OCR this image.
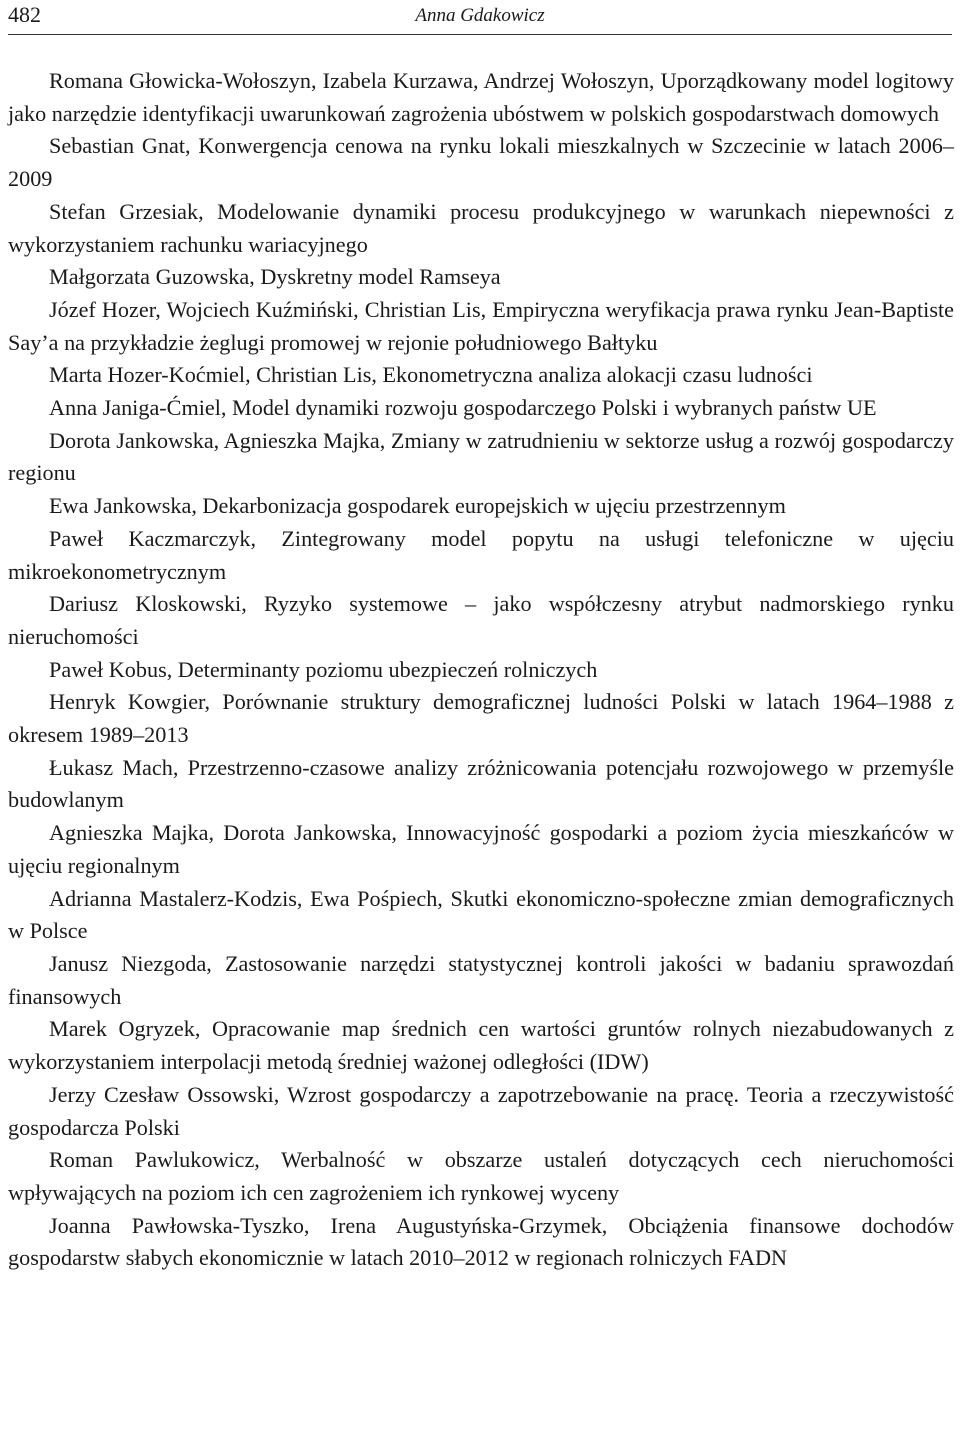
482	Anna Gdakowicz
Romana Głowicka-Wołoszyn, Izabela Kurzawa, Andrzej Wołoszyn, Uporządkowany model logitowy jako narzędzie identyfikacji uwarunkowań zagrożenia ubóstwem w polskich gospodarstwach domowych
Sebastian Gnat, Konwergencja cenowa na rynku lokali mieszkalnych w Szczecinie w latach 2006–2009
Stefan Grzesiak, Modelowanie dynamiki procesu produkcyjnego w warunkach niepewności z wykorzystaniem rachunku wariacyjnego
Małgorzata Guzowska, Dyskretny model Ramseya
Józef Hozer, Wojciech Kuźmiński, Christian Lis, Empiryczna weryfikacja prawa rynku Jean-Baptiste Say’a na przykładzie żeglugi promowej w rejonie południowego Bałtyku
Marta Hozer-Koćmiel, Christian Lis, Ekonometryczna analiza alokacji czasu ludności
Anna Janiga-Ćmiel, Model dynamiki rozwoju gospodarczego Polski i wybranych państw UE
Dorota Jankowska, Agnieszka Majka, Zmiany w zatrudnieniu w sektorze usług a rozwój gospodarczy regionu
Ewa Jankowska, Dekarbonizacja gospodarek europejskich w ujęciu przestrzennym
Paweł Kaczmarczyk, Zintegrowany model popytu na usługi telefoniczne w ujęciu mikroekonometrycznym
Dariusz Kloskowski, Ryzyko systemowe – jako współczesny atrybut nadmorskiego rynku nieruchomości
Paweł Kobus, Determinanty poziomu ubezpieczeń rolniczych
Henryk Kowgier, Porównanie struktury demograficznej ludności Polski w latach 1964–1988 z okresem 1989–2013
Łukasz Mach, Przestrzenno-czasowe analizy zróżnicowania potencjału rozwojowego w przemyśle budowlanym
Agnieszka Majka, Dorota Jankowska, Innowacyjność gospodarki a poziom życia mieszkańców w ujęciu regionalnym
Adrianna Mastalerz-Kodzis, Ewa Pośpiech, Skutki ekonomiczno-społeczne zmian demograficznych w Polsce
Janusz Niezgoda, Zastosowanie narzędzi statystycznej kontroli jakości w badaniu sprawozdań finansowych
Marek Ogryzek, Opracowanie map średnich cen wartości gruntów rolnych niezabudowanych z wykorzystaniem interpolacji metodą średniej ważonej odległości (IDW)
Jerzy Czesław Ossowski, Wzrost gospodarczy a zapotrzebowanie na pracę. Teoria a rzeczywistość gospodarcza Polski
Roman Pawlukowicz, Werbalność w obszarze ustaleń dotyczących cech nieruchomości wpływających na poziom ich cen zagrożeniem ich rynkowej wyceny
Joanna Pawłowska-Tyszko, Irena Augustyńska-Grzymek, Obciążenia finansowe dochodów gospodarstw słabych ekonomicznie w latach 2010–2012 w regionach rolniczych FADN
